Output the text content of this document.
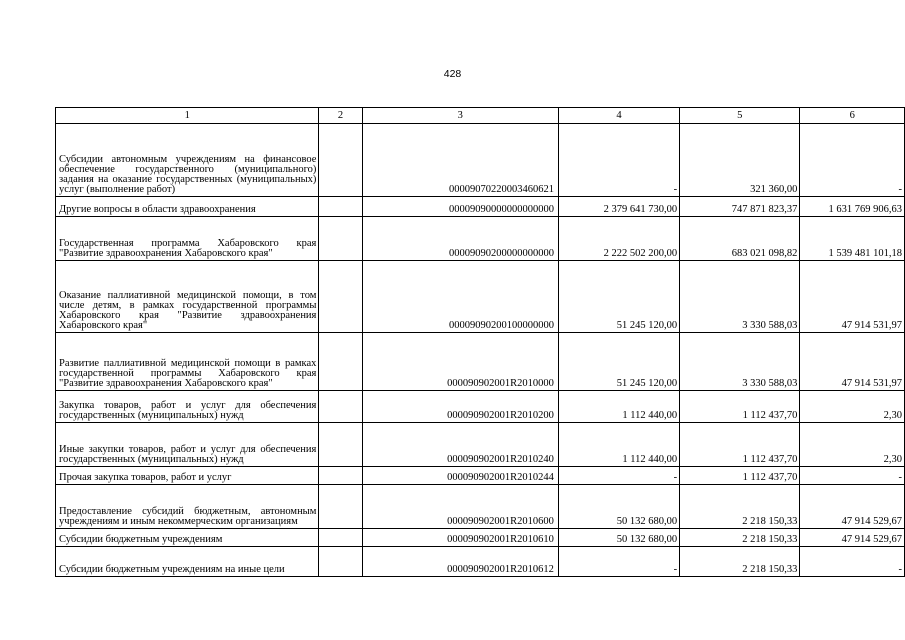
428
1	2	3	4	5	6
Субсидии автономным учреждениям на финансовое обеспечение государственного (муниципального) задания на оказание государственных (муниципальных) услуг (выполнение работ)		00009070220003460621	-	321 360,00	-
Другие вопросы в области здравоохранения		00009090000000000000	2 379 641 730,00	747 871 823,37	1 631 769 906,63
Государственная программа Хабаровского края "Развитие здравоохранения Хабаровского края"		00009090200000000000	2 222 502 200,00	683 021 098,82	1 539 481 101,18
Оказание паллиативной медицинской помощи, в том числе детям, в рамках государственной программы Хабаровского края "Развитие здравоохранения Хабаровского края"		00009090200100000000	51 245 120,00	3 330 588,03	47 914 531,97
Развитие паллиативной медицинской помощи в рамках государственной программы Хабаровского края "Развитие здравоохранения Хабаровского края"		000090902001R2010000	51 245 120,00	3 330 588,03	47 914 531,97
Закупка товаров, работ и услуг для обеспечения государственных (муниципальных) нужд		000090902001R2010200	1 112 440,00	1 112 437,70	2,30
Иные закупки товаров, работ и услуг для обеспечения государственных (муниципальных) нужд		000090902001R2010240	1 112 440,00	1 112 437,70	2,30
Прочая закупка товаров, работ и услуг		000090902001R2010244	-	1 112 437,70	-
Предоставление субсидий бюджетным, автономным учреждениям и иным некоммерческим организациям		000090902001R2010600	50 132 680,00	2 218 150,33	47 914 529,67
Субсидии бюджетным учреждениям		000090902001R2010610	50 132 680,00	2 218 150,33	47 914 529,67
Субсидии бюджетным учреждениям на иные цели		000090902001R2010612	-	2 218 150,33	-
